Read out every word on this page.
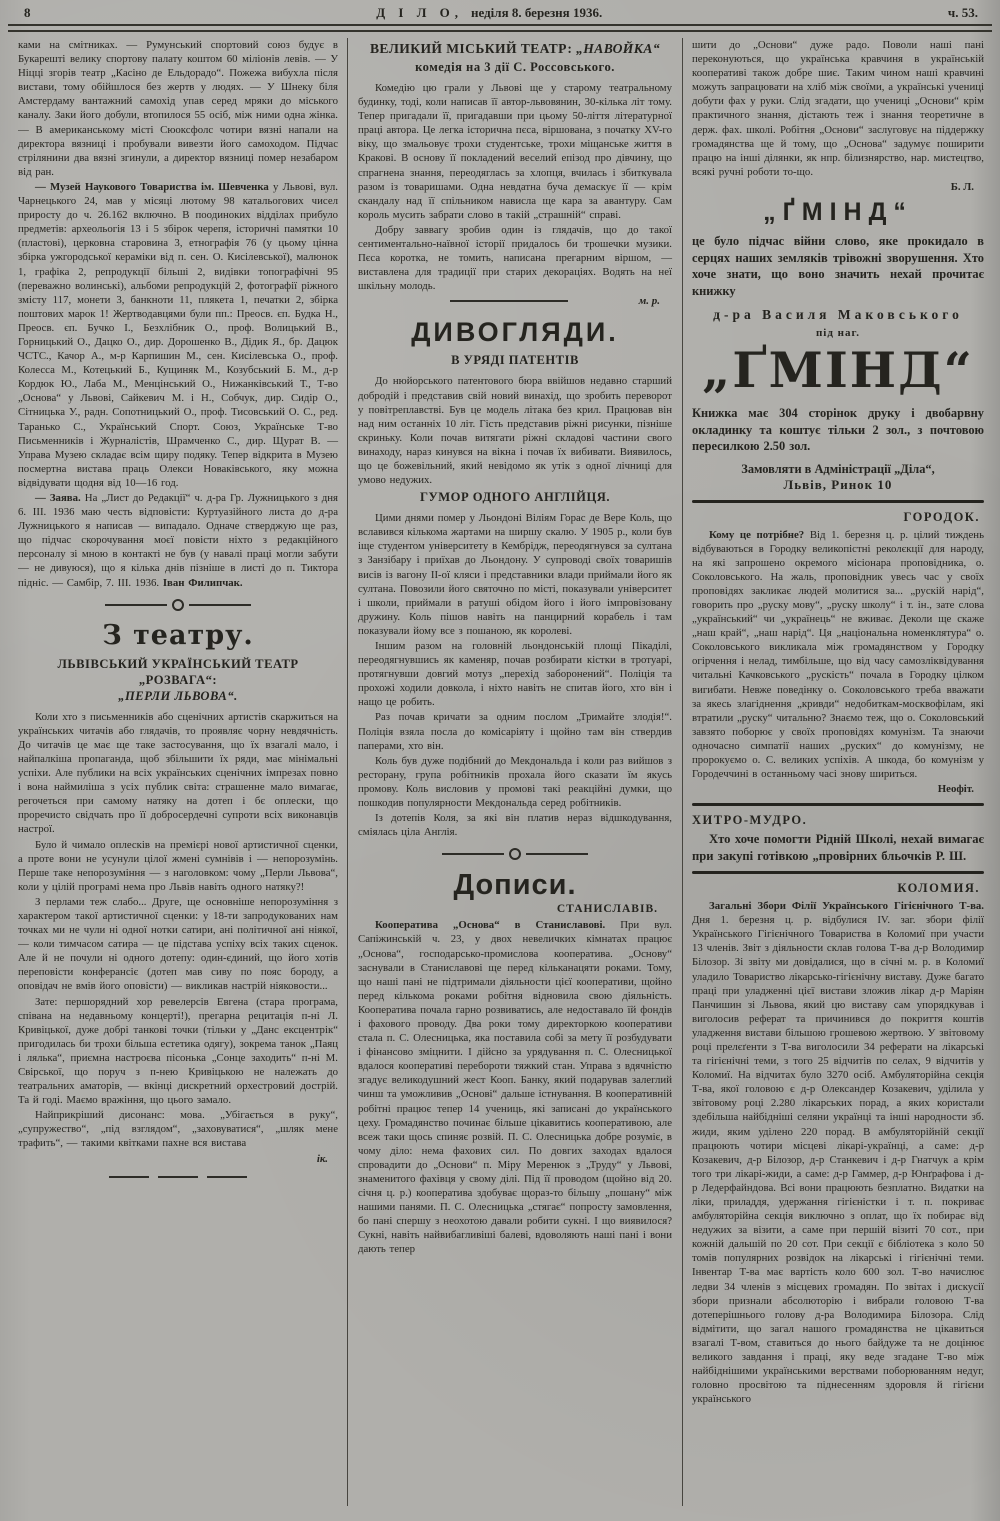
8	Д І Л О, неділя 8. березня 1936.	ч. 53.

ками на смітниках. — Румунський спортовий союз будує в Букарешті велику спортову палату коштом 60 міліонів левів. — У Ніцці згорів театр „Касіно де Ельдорадо“. Пожежа вибухла після вистави, тому обійшлося без жертв у людях. — У Шнеку біля Амстердаму вантажний самохід упав серед мряки до міського каналу. Заки його добули, втопилося 55 осіб, між ними одна жінка. — В американському місті Сюоксфолс чотири вязні напали на директора вязниці і пробували вивезти його самоходом. Підчас стрілянини два вязні згинули, а директор вязниці помер незабаром від ран.

— Музей Наукового Товариства ім. Шевченка у Львові, вул. Чарнецького 24, мав у місяці лютому 98 катальогових чисел приросту до ч. 26.162 включно. В поодиноких відділах прибуло предметів: археольогія 13 і 5 збірок черепя, історичні памятки 10 (пластові), церковна старовина 3, етнографія 76 (у цьому цінна збірка ужгородської кераміки від п. сен. О. Кисілевської), малюнок 1, графіка 2, репродукції більші 2, видівки топографічні 95 (переважно волинські), альбоми репродукцій 2, фотографії ріжного змісту 117, монети 3, банкноти 11, плякета 1, печатки 2, збірка поштових марок 1! Жертводавцями були пп.: Преосв. єп. Будка Н., Преосв. єп. Бучко І., Безхлібник О., проф. Волицький В., Горницький О., Дацко О., дир. Дорошенко В., Дідик Я., бр. Дацюк ЧСТС., Качор А., м-р Карпишин М., сен. Кисілевська О., проф. Колесса М., Котецький Б., Кущиняк М., Козубський Б. М., д-р Кордюк Ю., Лаба М., Менцінський О., Нижанківський Т., Т-во „Основа“ у Львові, Сайкевич М. і Н., Собчук, дир. Сидір О., Сітницька У., радн. Сопотницький О., проф. Тисовський О. С., ред. Таранько С., Український Спорт. Союз, Українське Т-во Письменників і Журналістів, Шрамченко С., дир. Щурат В. — Управа Музею складає всім щиру подяку. Тепер відкрита в Музею посмертна вистава праць Олекси Новаківського, яку можна відвідувати щодня від 10—16 год.

— Заява. На „Лист до Редакції“ ч. д-ра Гр. Лужницького з дня 6. III. 1936 маю честь відповісти: Куртуазійного листа до д-ра Лужницького я написав — випадало. Одначе стверджую ще раз, що підчас скорочування моєї повісти ніхто з редакційного персоналу зі мною в контакті не був (у навалі праці могли забути — не дивуюся), що я кілька днів пізніше в листі до п. Тиктора підніс. — Самбір, 7. III. 1936. Іван Филипчак.

З театру.
ЛЬВІВСЬКИЙ УКРАЇНСЬКИЙ ТЕАТР „РОЗВАГА“:
„ПЕРЛИ ЛЬВОВА“.

Коли хто з письменників або сценічних артистів скаржиться на українських читачів або глядачів, то проявляє чорну невдячність. До читачів це має ще таке застосування, що їх взагалі мало, і найпалкіша пропаганда, щоб збільшити їх ряди, має мінімальні успіхи. Але публики на всіх українських сценічних імпрезах повно і вона наймиліша з усіх публик світа: страшенне мало вимагає, регочеться при самому натяку на дотеп і бє оплески, що проречисто свідчать про її добросердечні супроти всіх виконавців настрої.

Було й чимало оплесків на премієрі нової артистичної сценки, а проте вони не усунули цілої жмені сумнівів і — непорозумінь. Перше таке непорозуміння — з наголовком: чому „Перли Львова“, коли у цілій програмі нема про Львів навіть одного натяку?!

З перлами теж слабо... Друге, ще основніше непорозуміння з характером такої артистичної сценки: у 18-ти запродукованих нам точках ми не чули ні одної нотки сатири, ані політичної ані ніякої, — коли тимчасом сатира — це підстава успіху всіх таких сценок. Але й не почули ні одного дотепу: один-єдиний, що його хотів переповісти конферансіє (дотеп мав сиву по пояс бороду, а оповідач не вмів його оповісти) — викликав настрій ніяковости...

Зате: першорядний хор ревелерсів Евгена (стара програма, співана на недавньому концерті!), прегарна рецитація п-ні Л. Кривіцької, дуже добрі танкові точки (тільки у „Данс ексцентрік“ пригодилась би трохи більша естетика одягу), зокрема танок „Паяц і лялька“, приємна настроєва пісонька „Сонце заходить“ п-ні М. Свірської, що поруч з п-нею Кривіцькою не належать до театральних аматорів, — вкінці дискретний орхестровий дострій. Та й годі. Маємо вражіння, що цього замало.

Найприкріший дисонанс: мова. „Убігається в руку“, „супружество“, „під взглядом“, „заховуватися“, „шляк мене трафить“, — такими квітками пахне вся вистава

ік.
ВЕЛИКИЙ МІСЬКИЙ ТЕАТР: „НАВОЙКА“
комедія на 3 дії С. Россовського.

Комедію цю грали у Львові ще у старому театральному будинку, тоді, коли написав її автор-львовянин, 30-кілька літ тому. Тепер пригадали її, пригадавши при цьому 50-ліття літературної праці автора. Це легка історична пєса, віршована, з початку XV-го віку, що змальовує трохи студентське, трохи міщанське життя в Кракові. В основу її покладений веселий епізод про дівчину, що спрагнена знання, переодяглась за хлопця, вчилась і збиткувала разом із товаришами. Одна невдатна буча демаскує її — крім скандалу над її спільником нависла ще кара за авантуру. Сам король мусить забрати слово в такій „страшній“ справі.

Добру заввагу зробив один із глядачів, що до такої сентиментально-наївної історії придалось би трошечки музики. Пєса коротка, не томить, написана прегарним віршом, — виставлена для традиції при старих декораціях. Водять на неї шкільну молодь.

м. р.
ДИВОГЛЯДИ.
В УРЯДІ ПАТЕНТІВ

До нюйорського патентового бюра ввійшов недавно старший добродій і представив свій новий винахід, що зробить переворот у повітреплавстві. Був це модель літака без крил. Працював він над ним останніх 10 літ. Гість представив ріжні рисунки, пізніше скриньку. Коли почав витягати ріжні складові частини свого винаходу, нараз кинувся на вікна і почав їх вибивати. Виявилось, що це божевільний, який невідомо як утік з одної лічниці для умово недужих.

ГУМОР ОДНОГО АНГЛІЙЦЯ.

Цими днями помер у Льондоні Віліям Горас де Вере Коль, що вславився кількома жартами на ширшу скалю. У 1905 р., коли був іще студентом університету в Кембрідж, переодягнувся за султана з Занзібару і приїхав до Льондону. У супроводі своїх товаришів висів із вагону II-ої кляси і представники влади приймали його як султана. Повозили його святочно по місті, показували університет і школи, приймали в ратуші обідом його і його імпровізовану дружину. Коль пішов навіть на панцирний корабель і там показували йому все з пошаною, як королеві.

Іншим разом на головній льондонській площі Пікаділі, переодягнувшись як каменяр, почав розбирати кістки в тротуарі, протягнувши довгий мотуз „перехід заборонений“. Поліція та прохожі ходили довкола, і ніхто навіть не спитав його, хто він і нащо це робить.

Раз почав кричати за одним послом „Тримайте злодія!“. Поліція взяла посла до комісаріяту і щойно там він ствердив паперами, хто він.

Коль був дуже подібний до Мекдональда і коли раз вийшов з ресторану, група робітників прохала його сказати їм якусь промову. Коль висловив у промові такі реакційні думки, що пошкодив популярности Мекдональда серед робітників.

Із дотепів Коля, за які він платив нераз відшкодування, сміялась ціла Англія.

Дописи.
СТАНИСЛАВІВ.

Кооператива „Основа“ в Станиславові. При вул. Сапіжинській ч. 23, у двох невеличких кімнатах працює „Основа“, господарсько-промислова кооператива. „Основу“ заснували в Станиславові ще перед кільканацяти роками. Тому, що наші пані не підтримали діяльности цієї кооперативи, щойно перед кількома роками робітня відновила свою діяльність. Кооператива почала гарно розвиватись, але недоставало їй фондів і фахового проводу. Два роки тому директоркою кооперативи стала п. С. Олесницька, яка поставила собі за мету її розбудувати і фінансово зміцнити. І дійсно за урядування п. С. Олесницької вдалося кооперативі перебороти тяжкий стан. Управа з вдячністю згадує великодушний жест Кооп. Банку, який подарував залеглий чинш та уможливив „Основі“ дальше істнування. В кооперативній робітні працює тепер 14 учениць, які записані до українського цеху. Громадянство починає більше цікавитись кооперативою, але всеж таки щось спиняє розвій. П. С. Олесницька добре розуміє, в чому діло: нема фахових сил. По довгих заходах вдалося спровадити до „Основи“ п. Міру Меренюк з „Труду“ у Львові, знаменитого фахівця у свому ділі. Під її проводом (щойно від 20. січня ц. р.) кооператива здобуває щораз-то більшу „пошану“ між нашими панями. П. С. Олесницька „стягає“ попросту замовлення, бо пані спершу з неохотою давали робити сукні. І що виявилося? Сукні, навіть найвибагливіші балеві, вдоволяють наші пані і вони дають тепер

шити до „Основи“ дуже радо. Поволи наші пані переконуються, що українська кравчиня в українській кооперативі також добре шиє. Таким чином наші кравчині можуть запрацювати на хліб між своїми, а українські учениці добути фах у руки. Слід згадати, що учениці „Основи“ крім практичного знання, дістають теж і знання теоретичне в держ. фах. школі. Робітня „Основи“ заслуговує на піддержку громадянства ще й тому, що „Основа“ задумує поширити працю на інші ділянки, як нпр. білизнярство, нар. мистецтво, всякі ручні роботи то-що.

Б. Л.
„ҐМІНД“

це було підчас війни слово, яке прокидало в серцях наших земляків трівожні зворушення. Хто хоче знати, що воно значить нехай прочитає книжку

д-ра Василя Маковського
під наг.
„ҐМІНД“

Книжка має 304 сторінок друку і двобарвну окладинку та коштує тільки 2 зол., з почтовою пересилкою 2.50 зол.

Замовляти в Адміністрації „Діла“,
Львів, Ринок 10
ГОРОДОК.

Кому це потрібне? Від 1. березня ц. р. цілий тиждень відбуваються в Городку великопістні реколєкції для народу, на які запрошено окремого місіонара проповідника, о. Соколовського. На жаль, проповідник увесь час у своїх проповідях закликає людей молитися за... „рускій нарід“, говорить про „руску мову“, „руску школу“ і т. ін., зате слова „український“ чи „українець“ не вживає. Деколи ще скаже „наш край“, „наш нарід“. Ця „національна номенклятура“ о. Соколовського викликала між громадянством у Городку огірчення і нелад, тимбільше, що від часу самозліквідування читальні Качковського „рускість“ почала в Городку цілком вигибати. Невже поведінку о. Соколовського треба вважати за якесь злагіднення „кривди“ недобиткам-москвофілам, які втратили „руску“ читальню? Знаємо теж, що о. Соколовський завзято поборює у своїх проповідях комунізм. Та знаючи одночасно симпатії наших „руских“ до комунізму, не пророкуємо о. С. великих успіхів. А шкода, бо комунізм у Городеччині в останньому часі знову шириться.

Неофіт.
ХИТРО-МУДРО.

Хто хоче помогти Рідній Школі, нехай вимагає при закупі готівкою „провірних бльочків Р. Ш.

КОЛОМИЯ.

Загальні Збори Філії Українського Гігієнічного Т-ва. Дня 1. березня ц. р. відбулися IV. заг. збори філії Українського Гігієнічного Товариства в Коломиї при участи 13 членів. Звіт з діяльности склав голова Т-ва д-р Володимир Білозор. Зі звіту ми довідалися, що в січні м. р. в Коломиї уладило Товариство лікарсько-гігієнічну виставу. Дуже багато праці при уладженні цієї вистави зложив лікар д-р Маріян Панчишин зі Львова, який цю виставу сам упорядкував і виголосив реферат та причинився до покриття коштів уладження вистави більшою грошевою жертвою. У звітовому році прелєґенти з Т-ва виголосили 34 реферати на лікарські та гігієнічні теми, з того 25 відчитів по селах, 9 відчитів у Коломиї. На відчитах було 3270 осіб. Амбуляторійна секція Т-ва, якої головою є д-р Олександер Козакевич, уділила у звітовому році 2.280 лікарських порад, а яких користали здебільша найбідніші селяни українці та інші народности зб. жиди, яким уділено 220 порад. В амбуляторійній секції працюють чотири місцеві лікарі-українці, а саме: д-р Козакевич, д-р Білозор, д-р Станкевич і д-р Гнатчук а крім того три лікарі-жиди, а саме: д-р Гаммер, д-р Юнґрафова і д-р Ледерфайндова. Всі вони працюють безплатно. Видатки на ліки, приладдя, удержання гігієністки і т. п. покриває амбуляторійна секція виключно з оплат, що їх побирає від недужих за візити, а саме при першій візиті 70 сот., при кожній дальшій по 20 сот. При секції є бібліотека з коло 50 томів популярних розвідок на лікарські і гігієнічні теми. Інвентар Т-ва має вартість коло 600 зол. Т-во начислює ледви 34 членів з місцевих громадян. По звітах і дискусії збори признали абсолюторію і вибрали головою Т-ва дотеперішнього голову д-ра Володимира Білозора. Слід відмітити, що загал нашого громадянства не цікавиться взагалі Т-вом, ставиться до нього байдуже та не доцінює великого завдання і праці, яку веде згадане Т-во між найбіднішими українськими верствами поборюванням недуг, головно просвітою та піднесенням здоровля й гігієни українського
